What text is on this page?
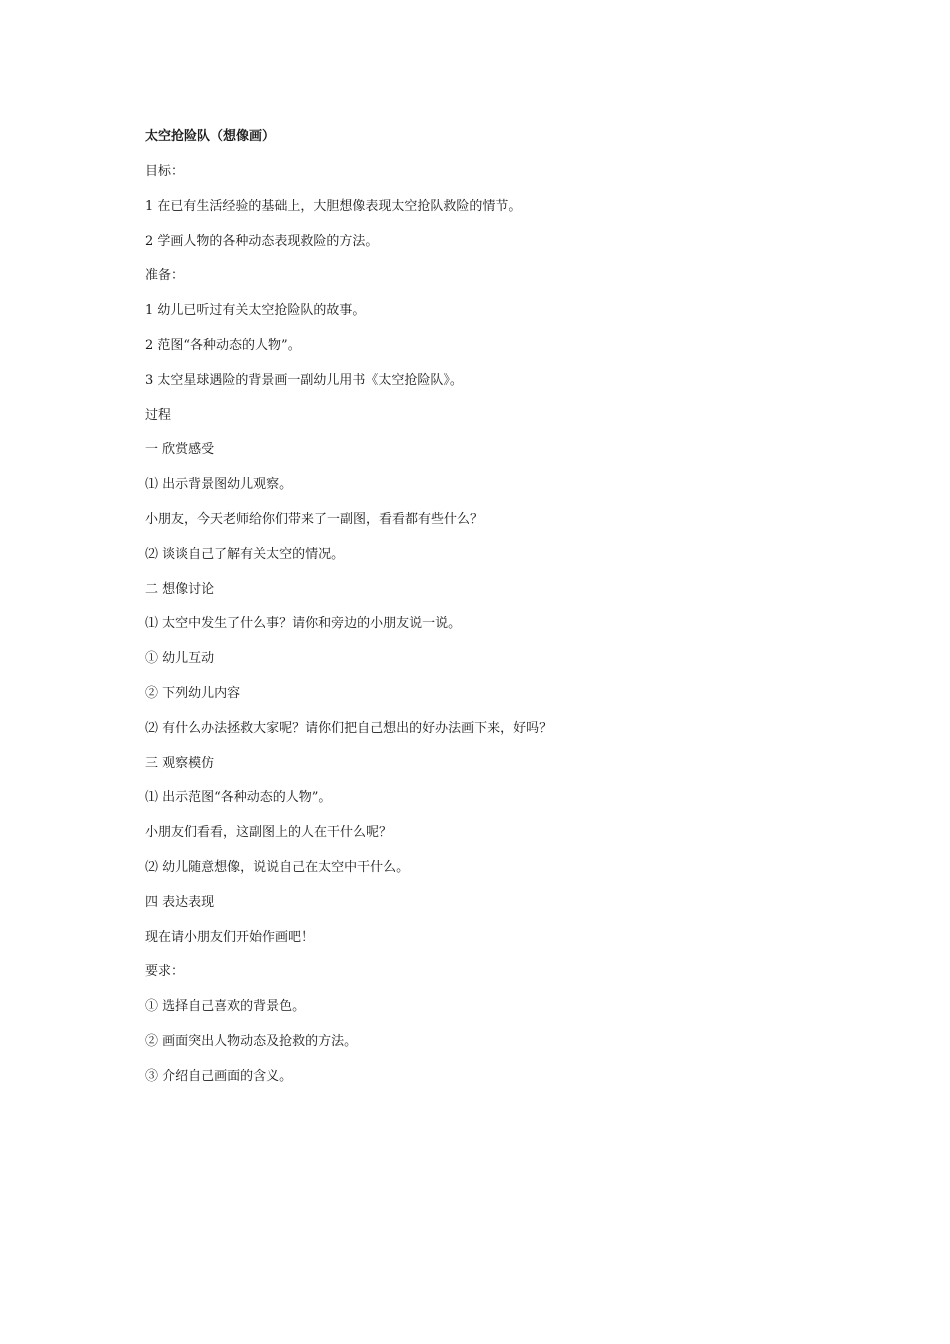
太空抢险队（想像画）

目标：

1 在已有生活经验的基础上，大胆想像表现太空抢队救险的情节。

2 学画人物的各种动态表现救险的方法。

准备：

1 幼儿已听过有关太空抢险队的故事。

2 范图“各种动态的人物”。

3 太空星球遇险的背景画一副幼儿用书《太空抢险队》。

过程

一 欣赏感受

⑴ 出示背景图幼儿观察。

小朋友，今天老师给你们带来了一副图，看看都有些什么？

⑵ 谈谈自己了解有关太空的情况。

二 想像讨论

⑴ 太空中发生了什么事？请你和旁边的小朋友说一说。

① 幼儿互动

② 下列幼儿内容

⑵ 有什么办法拯救大家呢？请你们把自己想出的好办法画下来，好吗？

三 观察模仿

⑴ 出示范图“各种动态的人物”。

小朋友们看看，这副图上的人在干什么呢？

⑵ 幼儿随意想像，说说自己在太空中干什么。

四 表达表现

现在请小朋友们开始作画吧！

要求：

① 选择自己喜欢的背景色。

② 画面突出人物动态及抢救的方法。

③ 介绍自己画面的含义。
